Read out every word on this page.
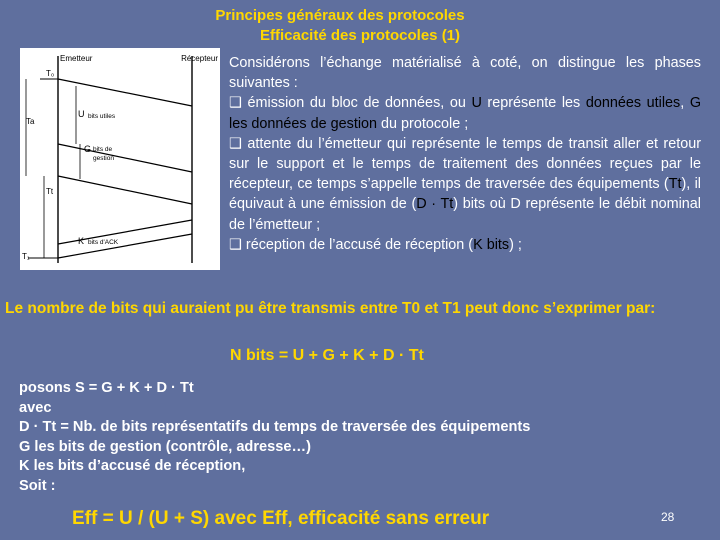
Principes généraux des protocoles
Efficacité des protocoles (1)
Emetteur	Récepteur
T₀
Ta
Tt
T₁
U bits utiles
G bits de
gestion
K bits d'ACK

Considérons l’échange matérialisé à coté, on distingue les phases suivantes :

❑ émission du bloc de données, ou U représente les données utiles, G les données de gestion du protocole ;

❑ attente du l’émetteur qui représente le temps de transit aller et retour sur le support et le temps de traitement des données reçues par le récepteur, ce temps s’appelle temps de traversée des équipements (Tt), il équivaut à une émission de (D · Tt) bits où D représente le débit nominal de l’émetteur ;

❑ réception de l’accusé de réception (K bits) ;

Le nombre de bits qui auraient pu être transmis entre T0 et T1 peut donc s’exprimer par:
N bits = U + G + K + D · Tt
posons S = G + K + D · Tt
avec
D · Tt = Nb. de bits représentatifs du temps de traversée des équipements
G les bits de gestion (contrôle, adresse…)
K les bits d’accusé de réception,
Soit :
Eff = U / (U + S) avec Eff, efficacité sans erreur	28
